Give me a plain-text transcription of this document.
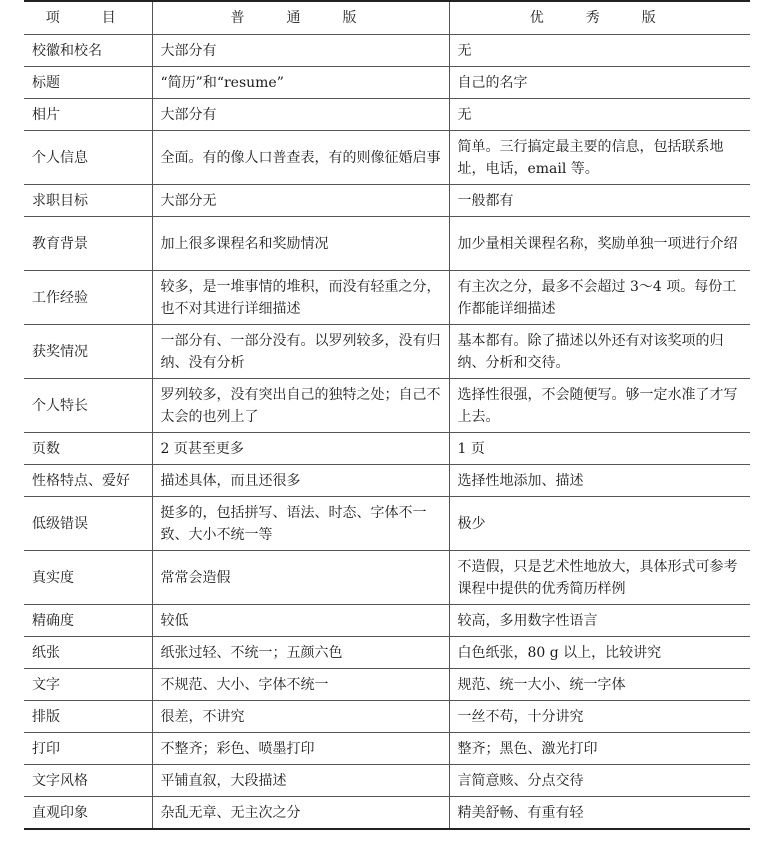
项　目	普　通　版	优　秀　版
校徽和校名	大部分有	无
标题	“简历”和“resume”	自己的名字
相片	大部分有	无
个人信息	全面。有的像人口普查表，有的则像征婚启事	简单。三行搞定最主要的信息，包括联系地址，电话，email 等。
求职目标	大部分无	一般都有
教育背景	加上很多课程名和奖励情况	加少量相关课程名称，奖励单独一项进行介绍
工作经验	较多，是一堆事情的堆积，而没有轻重之分，也不对其进行详细描述	有主次之分，最多不会超过 3～4 项。每份工作都能详细描述
获奖情况	一部分有、一部分没有。以罗列较多，没有归纳、没有分析	基本都有。除了描述以外还有对该奖项的归纳、分析和交待。
个人特长	罗列较多，没有突出自己的独特之处；自己不太会的也列上了	选择性很强，不会随便写。够一定水准了才写上去。
页数	2 页甚至更多	1 页
性格特点、爱好	描述具体，而且还很多	选择性地添加、描述
低级错误	挺多的，包括拼写、语法、时态、字体不一致、大小不统一等	极少
真实度	常常会造假	不造假，只是艺术性地放大，具体形式可参考课程中提供的优秀简历样例
精确度	较低	较高，多用数字性语言
纸张	纸张过轻、不统一；五颜六色	白色纸张，80 g 以上，比较讲究
文字	不规范、大小、字体不统一	规范、统一大小、统一字体
排版	很差，不讲究	一丝不苟，十分讲究
打印	不整齐；彩色、喷墨打印	整齐；黑色、激光打印
文字风格	平铺直叙，大段描述	言简意赅、分点交待
直观印象	杂乱无章、无主次之分	精美舒畅、有重有轻
